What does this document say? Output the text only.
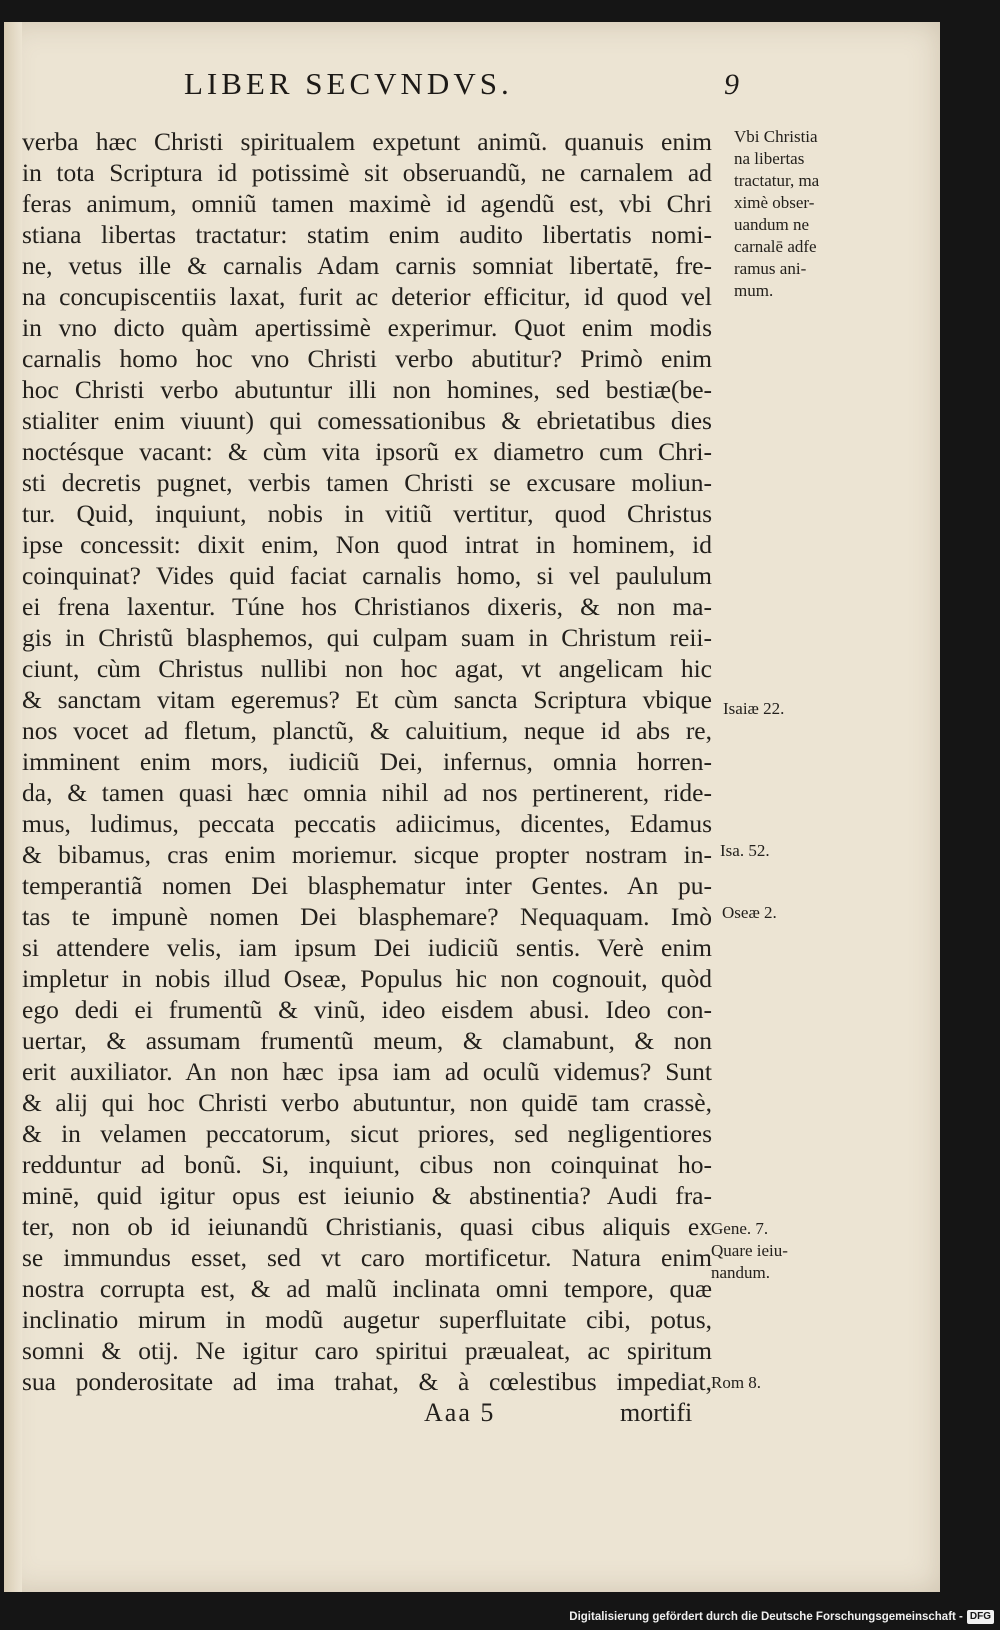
LIBER SECVNDVS.	9
verba hæc Christi spiritualem expetunt animũ. quanuis enim
in tota Scriptura id potissimè sit obseruandũ, ne carnalem ad
feras animum, omniũ tamen maximè id agendũ est, vbi Chri
stiana libertas tractatur: statim enim audito libertatis nomi-
ne, vetus ille & carnalis Adam carnis somniat libertatē, fre-
na concupiscentiis laxat, furit ac deterior efficitur, id quod vel
in vno dicto quàm apertissimè experimur. Quot enim modis
carnalis homo hoc vno Christi verbo abutitur? Primò enim
hoc Christi verbo abutuntur illi non homines, sed bestiæ(be-
stialiter enim viuunt) qui comessationibus & ebrietatibus dies
noctésque vacant: & cùm vita ipsorũ ex diametro cum Chri-
sti decretis pugnet, verbis tamen Christi se excusare moliun-
tur. Quid, inquiunt, nobis in vitiũ vertitur, quod Christus
ipse concessit: dixit enim, Non quod intrat in hominem, id
coinquinat? Vides quid faciat carnalis homo, si vel paululum
ei frena laxentur. Túne hos Christianos dixeris, & non ma-
gis in Christũ blasphemos, qui culpam suam in Christum reii-
ciunt, cùm Christus nullibi non hoc agat, vt angelicam hic
& sanctam vitam egeremus? Et cùm sancta Scriptura vbique
nos vocet ad fletum, planctũ, & caluitium, neque id abs re,
imminent enim mors, iudiciũ Dei, infernus, omnia horren-
da, & tamen quasi hæc omnia nihil ad nos pertinerent, ride-
mus, ludimus, peccata peccatis adiicimus, dicentes, Edamus
& bibamus, cras enim moriemur. sicque propter nostram in-
temperantiã nomen Dei blasphematur inter Gentes. An pu-
tas te impunè nomen Dei blasphemare? Nequaquam. Imò
si attendere velis, iam ipsum Dei iudiciũ sentis. Verè enim
impletur in nobis illud Oseæ, Populus hic non cognouit, quòd
ego dedi ei frumentũ & vinũ, ideo eisdem abusi. Ideo con-
uertar, & assumam frumentũ meum, & clamabunt, & non
erit auxiliator. An non hæc ipsa iam ad oculũ videmus? Sunt
& alij qui hoc Christi verbo abutuntur, non quidē tam crassè,
& in velamen peccatorum, sicut priores, sed negligentiores
redduntur ad bonũ. Si, inquiunt, cibus non coinquinat ho-
minē, quid igitur opus est ieiunio & abstinentia? Audi fra-
ter, non ob id ieiunandũ Christianis, quasi cibus aliquis ex
se immundus esset, sed vt caro mortificetur. Natura enim
nostra corrupta est, & ad malũ inclinata omni tempore, quæ
inclinatio mirum in modũ augetur superfluitate cibi, potus,
somni & otij. Ne igitur caro spiritui præualeat, ac spiritum
sua ponderositate ad ima trahat, & à cœlestibus impediat,
Vbi Christia
na libertas
tractatur, ma
ximè obser-
uandum ne
carnalē adfe
ramus ani-
mum.
Isaiæ 22.
Isa. 52.
Oseæ 2.
Gene. 7.
Quare ieiu-
nandum.
Rom 8.
Aaa 5	mortifi
Digitalisierung gefördert durch die Deutsche Forschungsgemeinschaft - DFG
